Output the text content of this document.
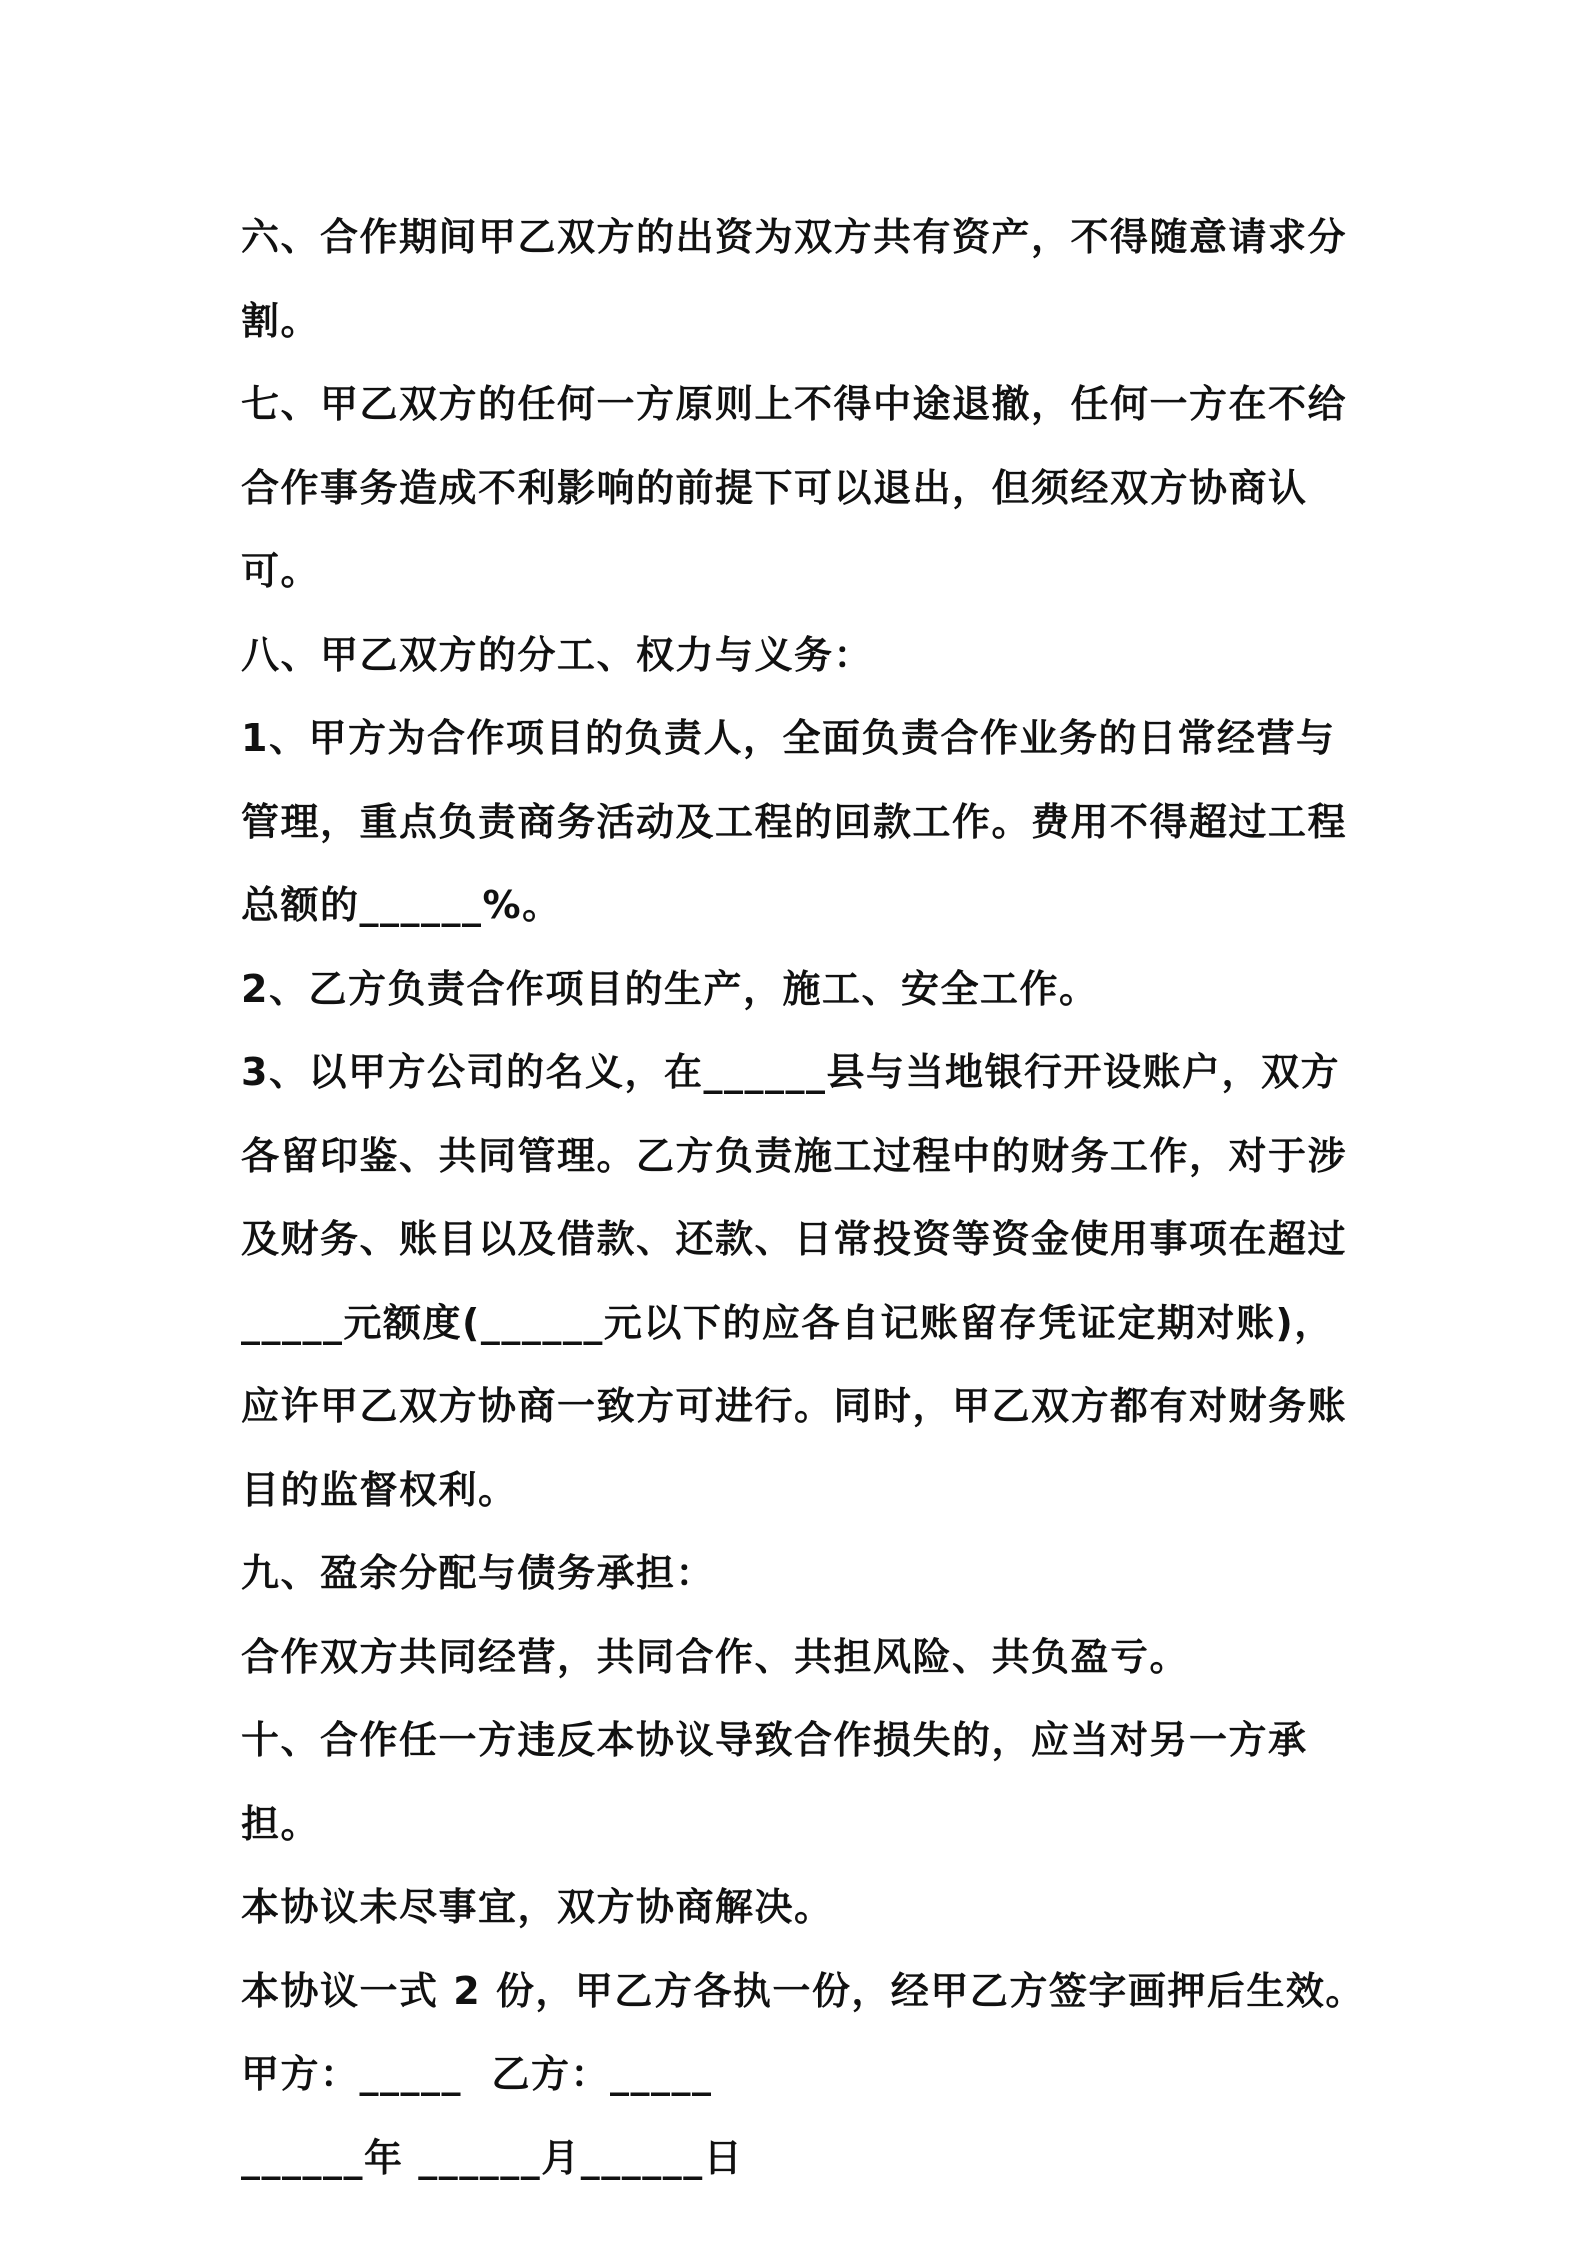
六、合作期间甲乙双方的出资为双方共有资产，不得随意请求分割。

七、甲乙双方的任何一方原则上不得中途退撤，任何一方在不给合作事务造成不利影响的前提下可以退出，但须经双方协商认可。

八、甲乙双方的分工、权力与义务：

1、甲方为合作项目的负责人，全面负责合作业务的日常经营与管理，重点负责商务活动及工程的回款工作。费用不得超过工程总额的______%。

2、乙方负责合作项目的生产，施工、安全工作。

3、以甲方公司的名义，在______县与当地银行开设账户，双方各留印鉴、共同管理。乙方负责施工过程中的财务工作，对于涉及财务、账目以及借款、还款、日常投资等资金使用事项在超过_____元额度(______元以下的应各自记账留存凭证定期对账)，应许甲乙双方协商一致方可进行。同时，甲乙双方都有对财务账目的监督权利。

九、盈余分配与债务承担：

合作双方共同经营，共同合作、共担风险、共负盈亏。

十、合作任一方违反本协议导致合作损失的，应当对另一方承担。

本协议未尽事宜，双方协商解决。

本协议一式 2 份，甲乙方各执一份，经甲乙方签字画押后生效。

甲方：_____  乙方：_____

______年 ______月______日
